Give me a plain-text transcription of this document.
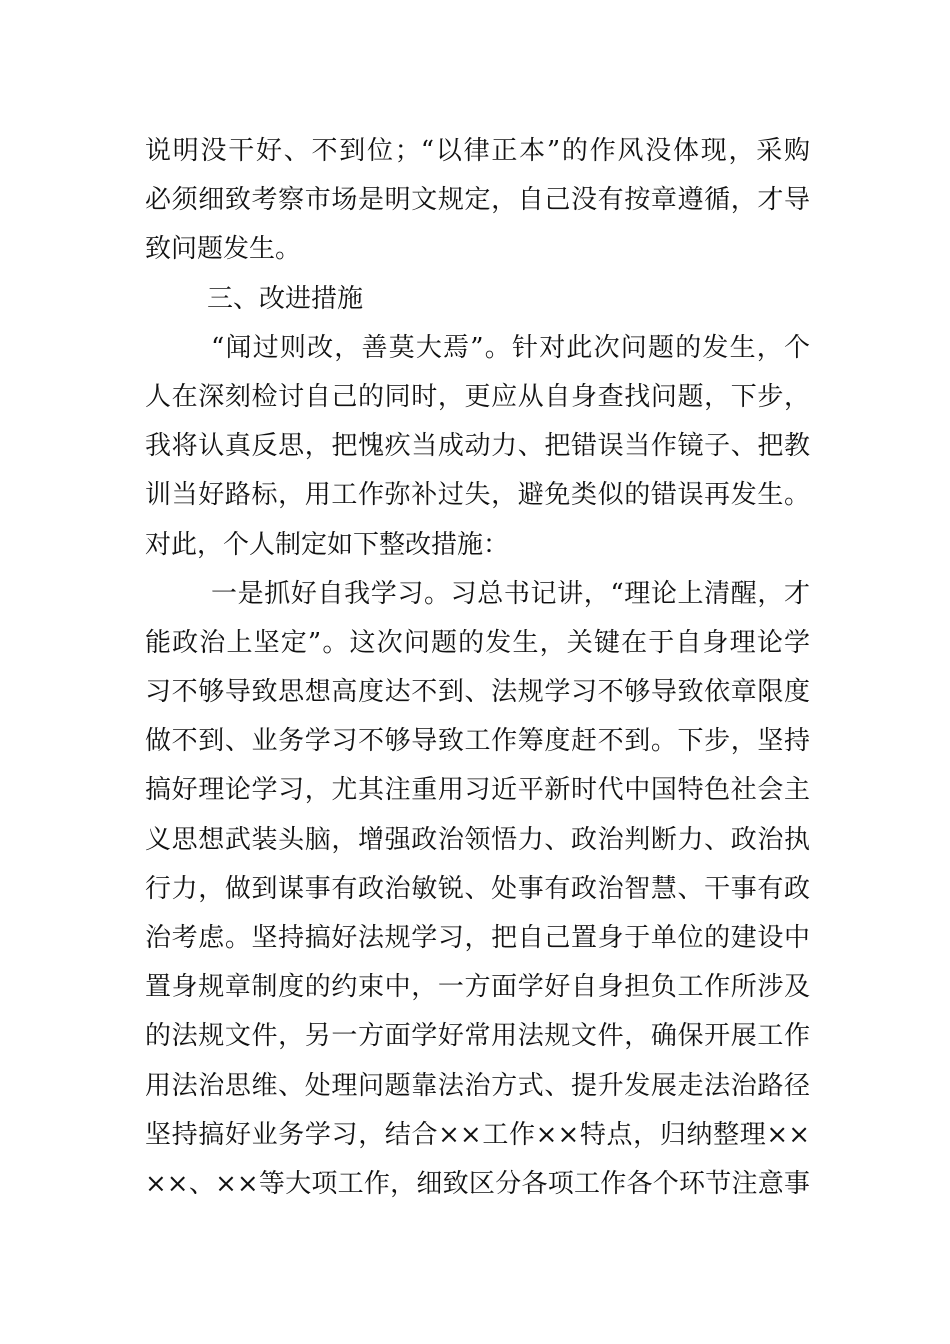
说明没干好、不到位；“以律正本”的作风没体现，采购
必须细致考察市场是明文规定，自己没有按章遵循，才导
致问题发生。
三、改进措施
“闻过则改，善莫大焉”。针对此次问题的发生，个
人在深刻检讨自己的同时，更应从自身查找问题，下步，
我将认真反思，把愧疚当成动力、把错误当作镜子、把教
训当好路标，用工作弥补过失，避免类似的错误再发生。
对此，个人制定如下整改措施：
一是抓好自我学习。习总书记讲，“理论上清醒，才
能政治上坚定”。这次问题的发生，关键在于自身理论学
习不够导致思想高度达不到、法规学习不够导致依章限度
做不到、业务学习不够导致工作筹度赶不到。下步，坚持
搞好理论学习，尤其注重用习近平新时代中国特色社会主
义思想武装头脑，增强政治领悟力、政治判断力、政治执
行力，做到谋事有政治敏锐、处事有政治智慧、干事有政
治考虑。坚持搞好法规学习，把自己置身于单位的建设中
置身规章制度的约束中，一方面学好自身担负工作所涉及
的法规文件，另一方面学好常用法规文件，确保开展工作
用法治思维、处理问题靠法治方式、提升发展走法治路径
坚持搞好业务学习，结合××工作××特点，归纳整理××
××、××等大项工作，细致区分各项工作各个环节注意事
